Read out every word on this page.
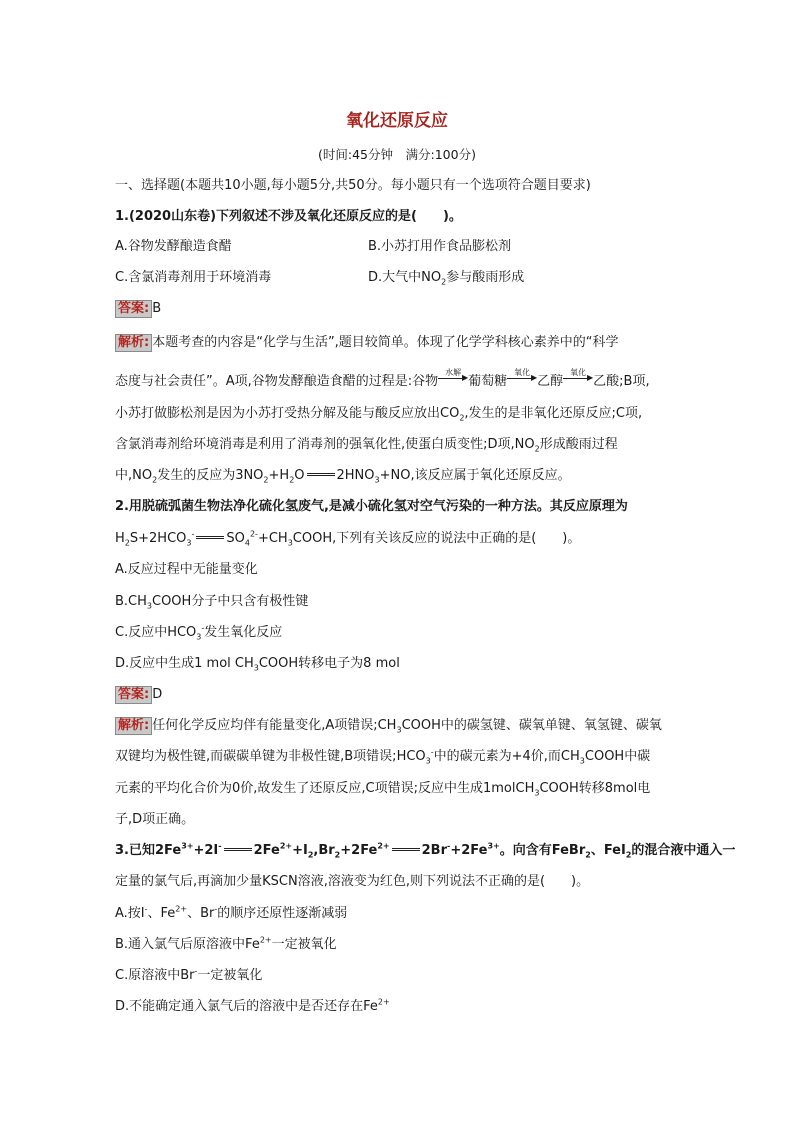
氧化还原反应
(时间:45分钟　满分:100分)
一、选择题(本题共10小题,每小题5分,共50分。每小题只有一个选项符合题目要求)
1.(2020山东卷)下列叙述不涉及氧化还原反应的是(　　)。
A.谷物发酵酿造食醋	B.小苏打用作食品膨松剂
C.含氯消毒剂用于环境消毒	D.大气中$NO_2$参与酸雨形成
答案: B
解析: 本题考查的内容是“化学与生活”,题目较简单。体现了化学学科核心素养中的“科学
态度与社会责任”。A项,谷物发酵酿造食醋的过程是:谷物
水解
▶ 葡萄糖
氧化
▶ 乙醇
氧化
▶ 乙酸;B项,
小苏打做膨松剂是因为小苏打受热分解及能与酸反应放出$CO_2$,发生的是非氧化还原反应;C项,
含氯消毒剂给环境消毒是利用了消毒剂的强氧化性,使蛋白质变性;D项$,NO_2$形成酸雨过程
中$,NO_2$发生的反应为$3NO_2+H_2O$ $2HNO_3+NO$,该反应属于氧化还原反应。
2.用脱硫弧菌生物法净化硫化氢废气,是减小硫化氢对空气污染的一种方法。其反应原理为
$H_2S+2HCO_3^-$ $SO_4^{2-}+CH_3COOH$,下列有关该反应的说法中正确的是(　　)。
A.反应过程中无能量变化
$B.CH_3COOH$分子中只含有极性键
C.反应中$HCO_3^-$发生氧化反应
D.反应中生成1 mol $CH_3COOH$转移电子为8 mol
答案: D
解析: 任何化学反应均伴有能量变化,A项错误$;CH_3COOH$中的碳氢键、碳氧单键、氧氢键、碳氧
双键均为极性键,而碳碳单键为非极性键,B项错误$;HCO_3^-$中的碳元素为+4价,而$CH_3COOH$中碳
元素的平均化合价为0价,故发生了还原反应,C项错误;反应中生成1molCH$_3$COOH转移8mol电
子,D项正确。
3.已知$2Fe^{3+}+2I^-$ $2Fe^{2+}+I_2,Br_2+2Fe^{2+}$ $2Br^-+2Fe^{3+}$。向含有FeBr$_2$、FeI$_2$的混合液中通入一
定量的氯气后,再滴加少量KSCN溶液,溶液变为红色,则下列说法不正确的是(　　)。
A.按I-、$Fe^{2+}$、Br-的顺序还原性逐渐减弱
B.通入氯气后原溶液中$Fe^{2+}$一定被氧化
C.原溶液中Br-一定被氧化
D.不能确定通入氯气后的溶液中是否还存在$Fe^{2+}$
